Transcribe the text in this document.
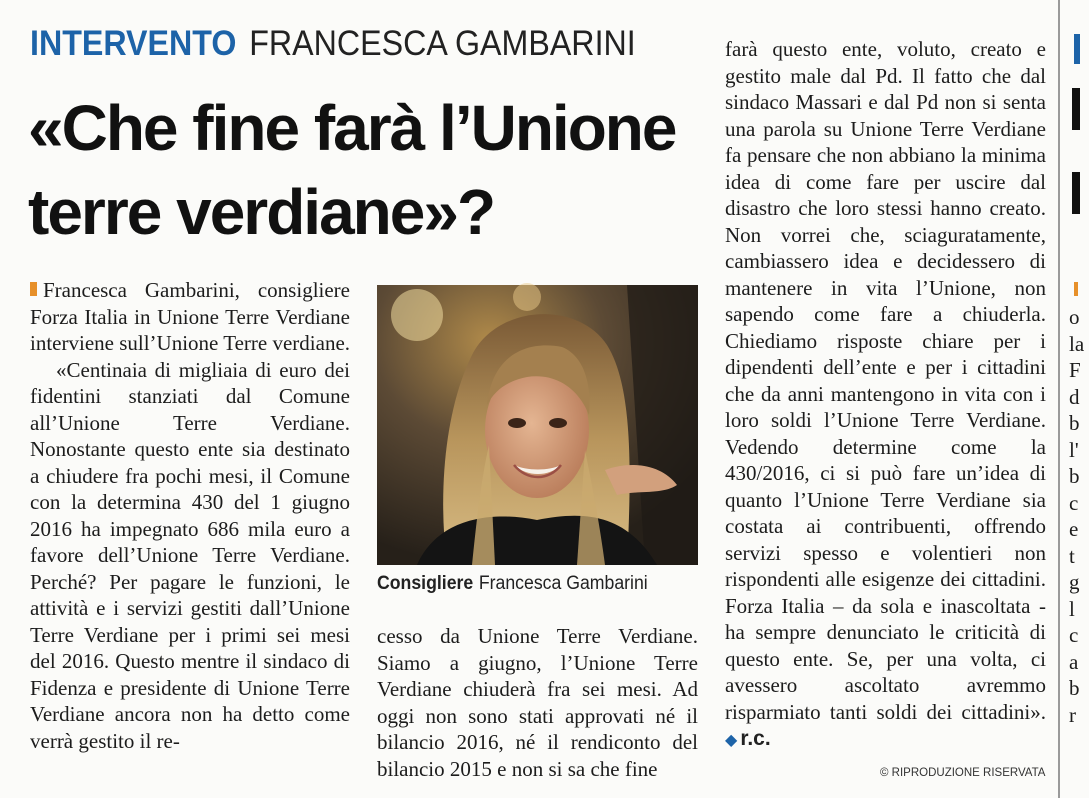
INTERVENTO FRANCESCA GAMBARINI
«Che fine farà l’Unione terre verdiane»?

Francesca Gambarini, consigliere Forza Italia in Unione Terre Verdiane interviene sull’Unione Terre verdiane.

«Centinaia di migliaia di euro dei fidentini stanziati dal Comune all’Unione Terre Verdiane. Nonostante questo ente sia destinato a chiudere fra pochi mesi, il Comune con la determina 430 del 1 giugno 2016 ha impegnato 686 mila euro a favore dell’Unione Terre Verdiane. Perché? Per pagare le funzioni, le attività e i servizi gestiti dall’Unione Terre Verdiane per i primi sei mesi del 2016. Questo mentre il sindaco di Fidenza e presidente di Unione Terre Verdiane ancora non ha detto come verrà gestito il re-

Consigliere Francesca Gambarini

cesso da Unione Terre Verdiane. Siamo a giugno, l’Unione Terre Verdiane chiuderà fra sei mesi. Ad oggi non sono stati approvati né il bilancio 2016, né il rendiconto del bilancio 2015 e non si sa che fine

farà questo ente, voluto, creato e gestito male dal Pd. Il fatto che dal sindaco Massari e dal Pd non si senta una parola su Unione Terre Verdiane fa pensare che non abbiano la minima idea di come fare per uscire dal disastro che loro stessi hanno creato. Non vorrei che, sciaguratamente, cambiassero idea e decidessero di mantenere in vita l’Unione, non sapendo come fare a chiuderla. Chiediamo risposte chiare per i dipendenti dell’ente e per i cittadini che da anni mantengono in vita con i loro soldi l’Unione Terre Verdiane. Vedendo determine come la 430/2016, ci si può fare un’idea di quanto l’Unione Terre Verdiane sia costata ai contribuenti, offrendo servizi spesso e volentieri non rispondenti alle esigenze dei cittadini. Forza Italia – da sola e inascoltata - ha sempre denunciato le criticità di questo ente. Se, per una volta, ci avessero ascoltato avremmo risparmiato tanti soldi dei cittadini». ◆ r.c.

© RIPRODUZIONE RISERVATA
o
la
F
d
b
l'
b
c
e
t
g
l
c
a
b
r
